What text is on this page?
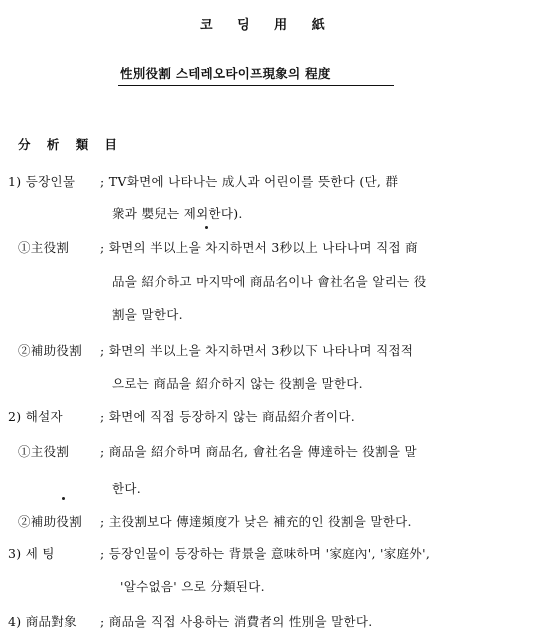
코 딩 用 紙
性別役割 스테레오타이프現象의 程度
分 析 類 目
1) 등장인물 ; TV화면에 나타나는 成人과 어린이를 뜻한다 (단, 群
衆과 嬰兒는 제외한다).
①主役割 ; 화면의 半以上을 차지하면서 3秒以上 나타나며 직접 商
品을 紹介하고 마지막에 商品名이나 會社名을 알리는 役
割을 말한다.
②補助役割 ; 화면의 半以上을 차지하면서 3秒以下 나타나며 직접적
으로는 商品을 紹介하지 않는 役割을 말한다.
2) 해설자	; 화면에 직접 등장하지 않는 商品紹介者이다.
①主役割 ; 商品을 紹介하며 商品名, 會社名을 傳達하는 役割을 말
한다.
②補助役割 ; 主役割보다 傳達頻度가 낮은 補充的인 役割을 말한다.
3) 세 팅	; 등장인물이 등장하는 背景을 意味하며 '家庭內', '家庭外',
'알수없음' 으로 分類된다.
4) 商品對象 ; 商品을 직접 사용하는 消費者의 性別을 말한다.
